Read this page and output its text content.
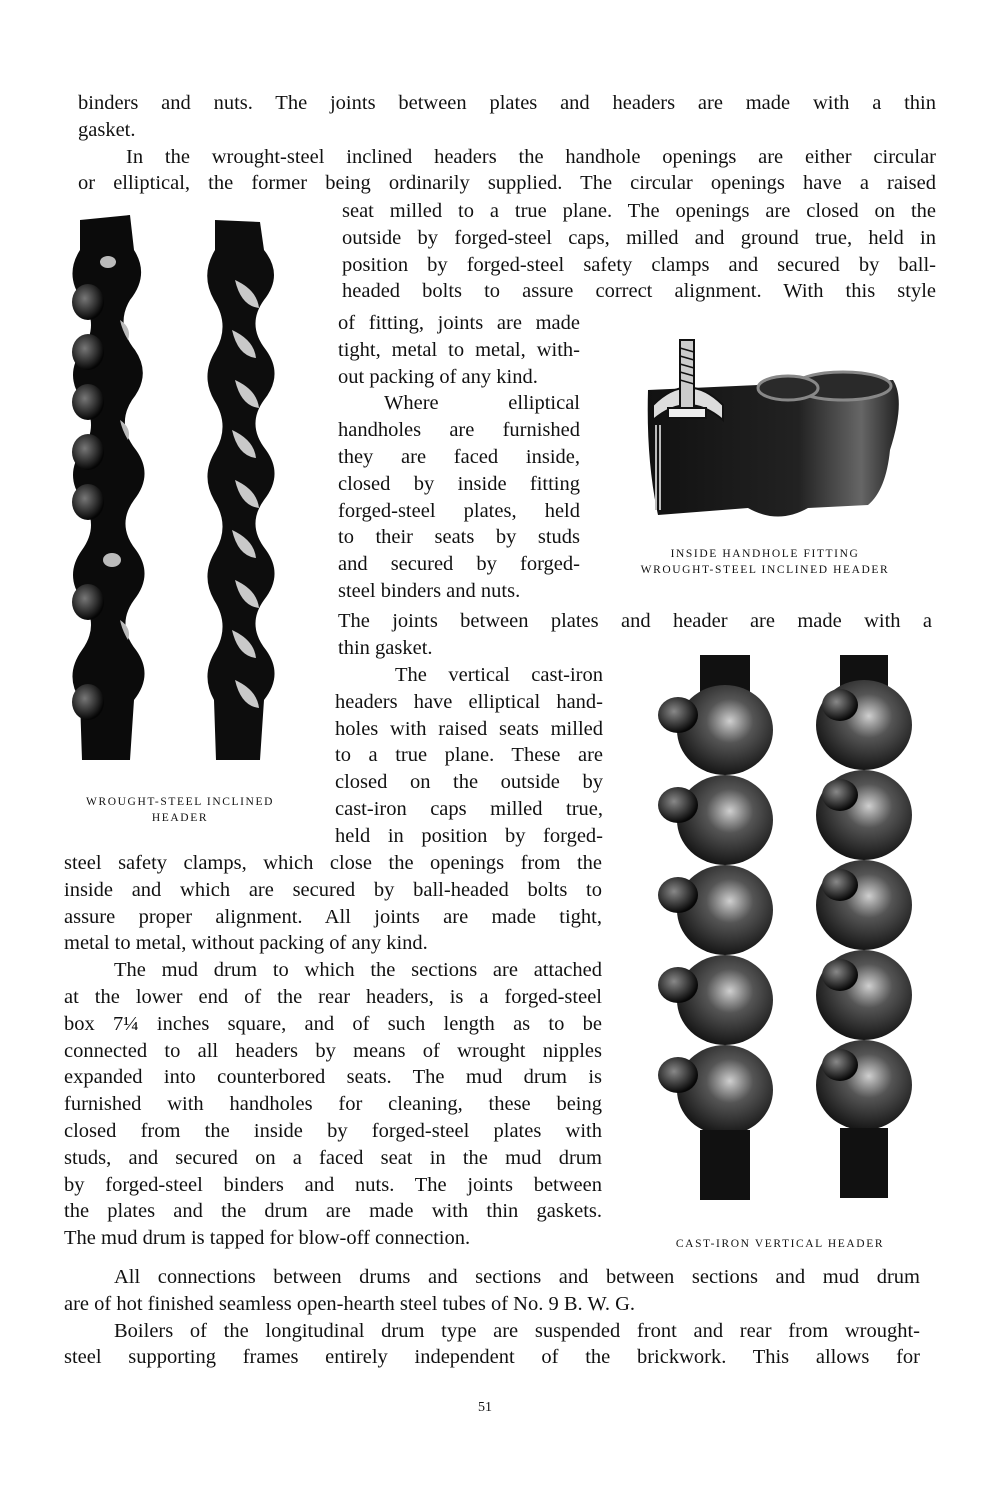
binders and nuts. The joints between plates and headers are made with a thin
gasket.
In the wrought-steel inclined headers the handhole openings are either circular
or elliptical, the former being ordinarily supplied. The circular openings have a raised
seat milled to a true plane. The openings are closed on the
outside by forged-steel caps, milled and ground true, held in
position by forged-steel safety clamps and secured by ball-
headed bolts to assure correct alignment. With this style
of fitting, joints are made
tight, metal to metal, with-
out packing of any kind.
Where elliptical
handholes are furnished
they are faced inside,
closed by inside fitting
forged-steel plates, held
to their seats by studs
and secured by forged-
steel binders and nuts.
The joints between plates and header are made with a
thin gasket.
The vertical cast-iron
headers have elliptical hand-
holes with raised seats milled
to a true plane. These are
closed on the outside by
cast-iron caps milled true,
held in position by forged-
steel safety clamps, which close the openings from the
inside and which are secured by ball-headed bolts to
assure proper alignment. All joints are made tight,
metal to metal, without packing of any kind.
The mud drum to which the sections are attached
at the lower end of the rear headers, is a forged-steel
box 7¼ inches square, and of such length as to be
connected to all headers by means of wrought nipples
expanded into counterbored seats. The mud drum is
furnished with handholes for cleaning, these being
closed from the inside by forged-steel plates with
studs, and secured on a faced seat in the mud drum
by forged-steel binders and nuts. The joints between
the plates and the drum are made with thin gaskets.
The mud drum is tapped for blow-off connection.
All connections between drums and sections and between sections and mud drum
are of hot finished seamless open-hearth steel tubes of No. 9 B. W. G.
Boilers of the longitudinal drum type are suspended front and rear from wrought-
steel supporting frames entirely independent of the brickwork. This allows for
WROUGHT-STEEL INCLINED
HEADER
INSIDE HANDHOLE FITTING
WROUGHT-STEEL INCLINED HEADER
CAST-IRON VERTICAL HEADER
51
